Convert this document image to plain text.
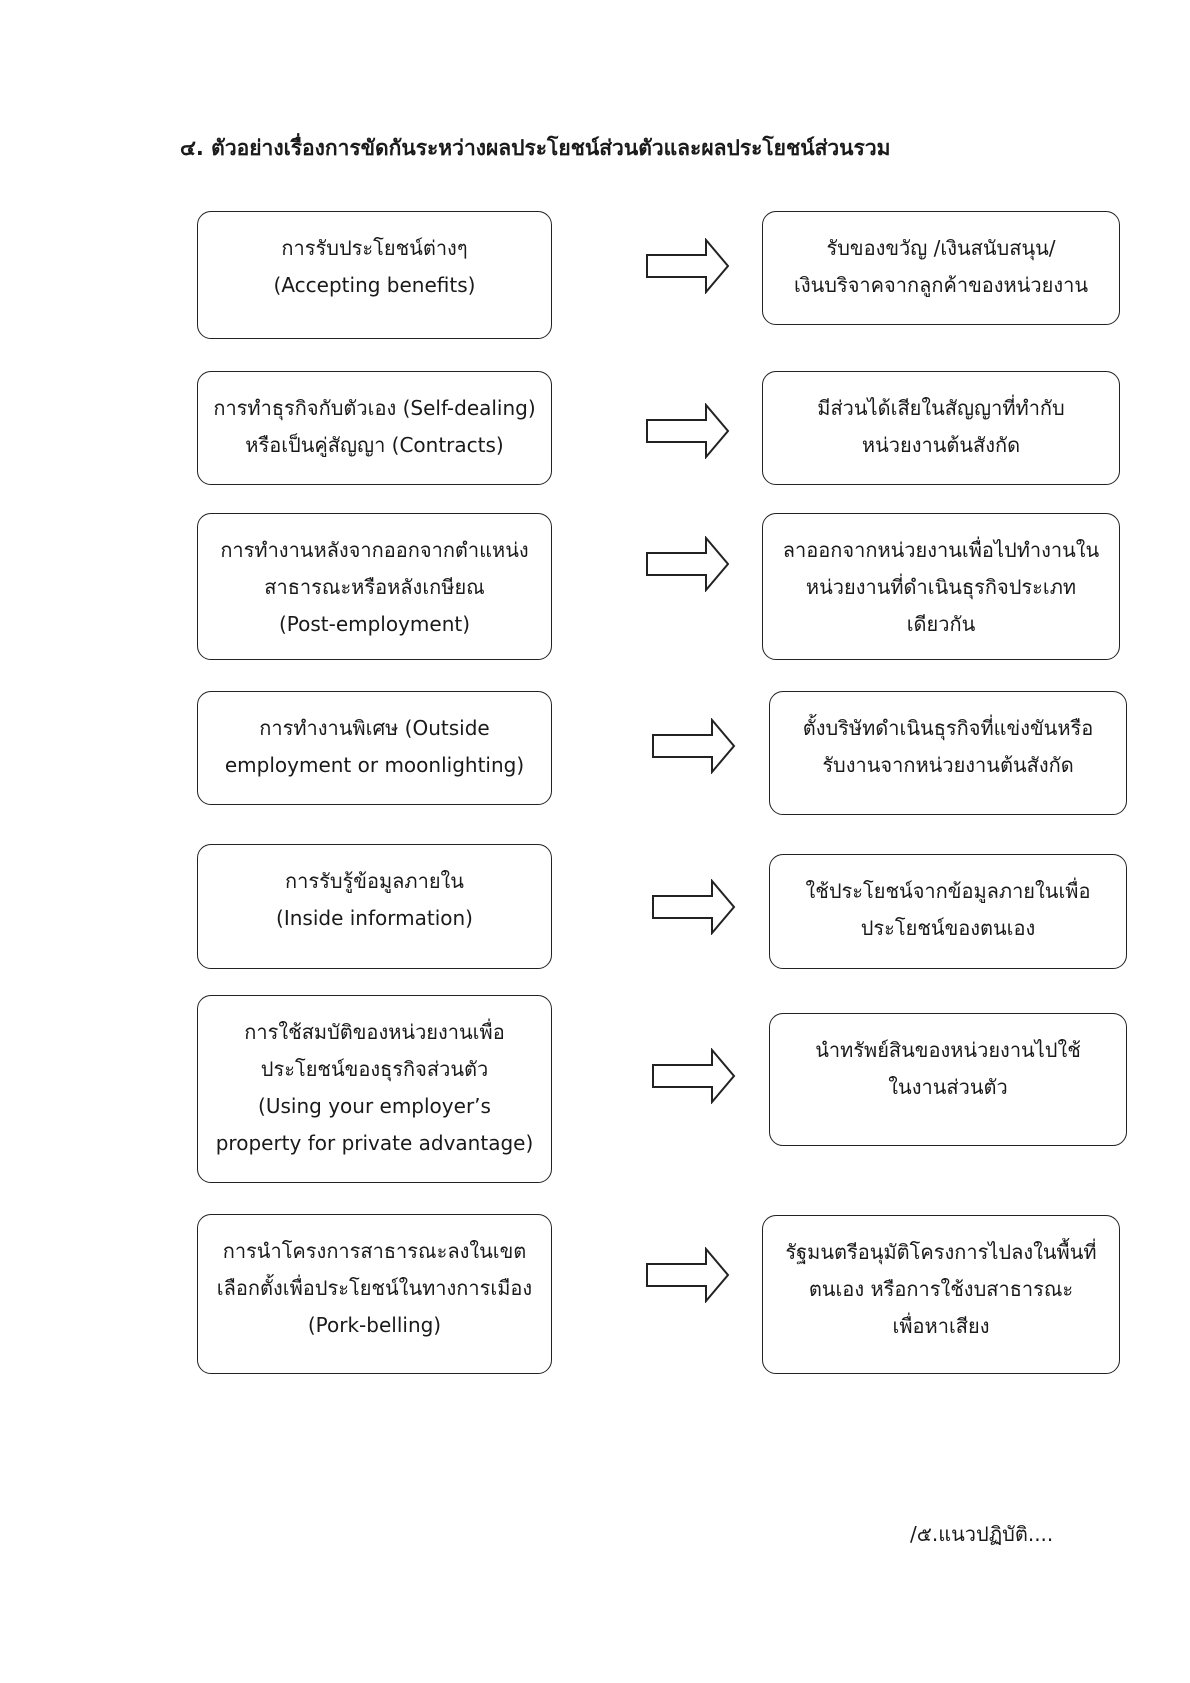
๔. ตัวอย่างเรื่องการขัดกันระหว่างผลประโยชน์ส่วนตัวและผลประโยชน์ส่วนรวม
การรับประโยชน์ต่างๆ
(Accepting benefits)
รับของขวัญ /เงินสนับสนุน/
เงินบริจาคจากลูกค้าของหน่วยงาน
การทำธุรกิจกับตัวเอง (Self-dealing)
หรือเป็นคู่สัญญา (Contracts)
มีส่วนได้เสียในสัญญาที่ทำกับ
หน่วยงานต้นสังกัด
การทำงานหลังจากออกจากตำแหน่ง
สาธารณะหรือหลังเกษียณ
(Post-employment)
ลาออกจากหน่วยงานเพื่อไปทำงานใน
หน่วยงานที่ดำเนินธุรกิจประเภท
เดียวกัน
การทำงานพิเศษ (Outside
employment or moonlighting)
ตั้งบริษัทดำเนินธุรกิจที่แข่งขันหรือ
รับงานจากหน่วยงานต้นสังกัด
การรับรู้ข้อมูลภายใน
(Inside information)
ใช้ประโยชน์จากข้อมูลภายในเพื่อ
ประโยชน์ของตนเอง
การใช้สมบัติของหน่วยงานเพื่อ
ประโยชน์ของธุรกิจส่วนตัว
(Using your employer’s
property for private advantage)
นำทรัพย์สินของหน่วยงานไปใช้
ในงานส่วนตัว
การนำโครงการสาธารณะลงในเขต
เลือกตั้งเพื่อประโยชน์ในทางการเมือง
(Pork-belling)
รัฐมนตรีอนุมัติโครงการไปลงในพื้นที่
ตนเอง หรือการใช้งบสาธารณะ
เพื่อหาเสียง
/๕.แนวปฏิบัติ....
